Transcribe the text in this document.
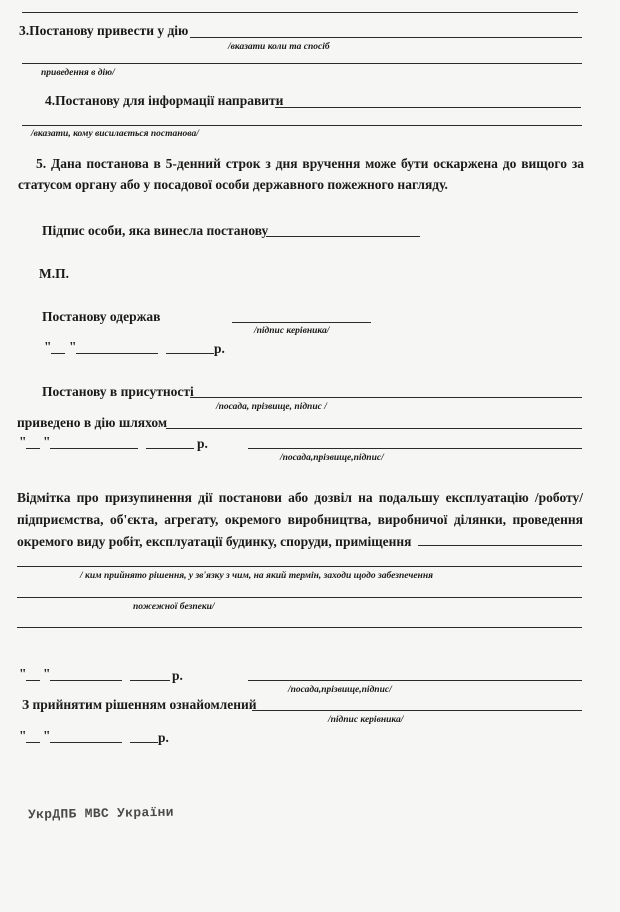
3.Постанову привести у дію
/вказати коли та спосіб
приведення в дію/
4.Постанову для інформації направити
/вказати, кому висилається постанова/
5. Дана постанова в 5-денний строк з дня вручення може бути оскаржена до вищого за статусом органу або у посадової особи державного пожежного нагляду.
Підпис особи, яка винесла постанову
М.П.
Постанову одержав
/підпис керівника/
" "	р.
Постанову в присутності
/посада, прізвище, підпис /
приведено в дію шляхом
" "	р.
/посада,прізвище,підпис/
Відмітка про призупинення дії постанови або дозвіл на подальшу експлуатацію /роботу/ підприємства, об'єкта, агрегату, окремого виробництва, виробничої ділянки, проведення окремого виду робіт, експлуатації будинку, споруди, приміщення
/ ким прийнято рішення, у зв'язку з чим, на який термін, заходи щодо забезпечення
пожежної безпеки/
" "	р.
/посада,прізвище,підпис/
З прийнятим рішенням ознайомлений
/підпис керівника/
" "	р.
УкрДПБ МВС України
